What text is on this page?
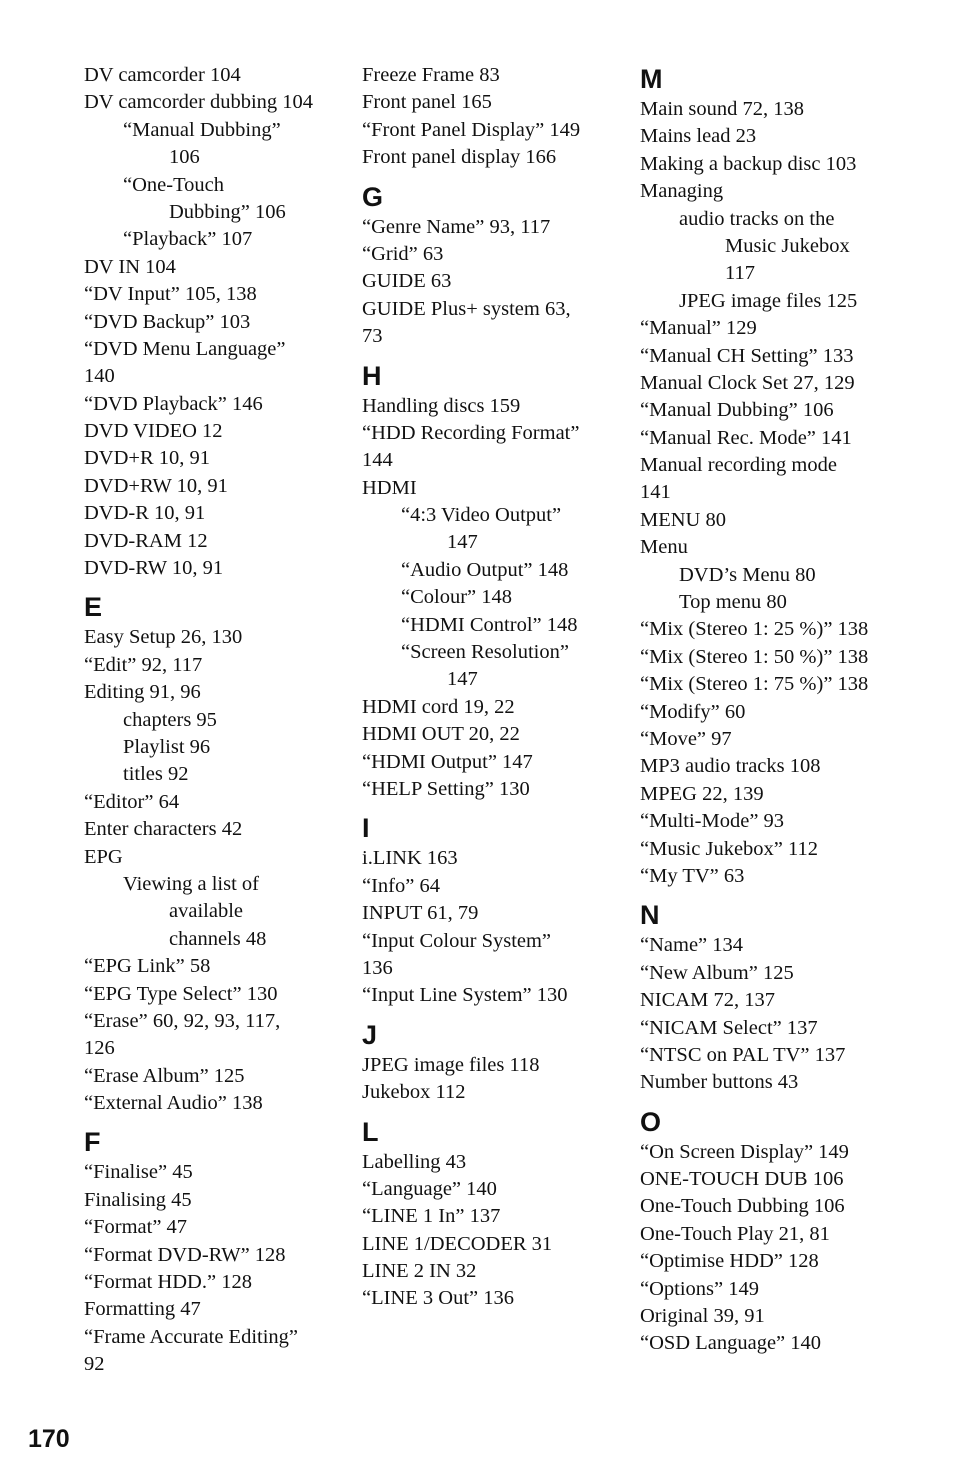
DV camcorder 104
DV camcorder dubbing 104
“Manual Dubbing”
106
“One-Touch
Dubbing” 106
“Playback” 107
DV IN 104
“DV Input” 105, 138
“DVD Backup” 103
“DVD Menu Language”
140
“DVD Playback” 146
DVD VIDEO 12
DVD+R 10, 91
DVD+RW 10, 91
DVD-R 10, 91
DVD-RAM 12
DVD-RW 10, 91
E
Easy Setup 26, 130
“Edit” 92, 117
Editing 91, 96
chapters 95
Playlist 96
titles 92
“Editor” 64
Enter characters 42
EPG
Viewing a list of
available
channels 48
“EPG Link” 58
“EPG Type Select” 130
“Erase” 60, 92, 93, 117,
126
“Erase Album” 125
“External Audio” 138
F
“Finalise” 45
Finalising 45
“Format” 47
“Format DVD-RW” 128
“Format HDD.” 128
Formatting 47
“Frame Accurate Editing”
92
Freeze Frame 83
Front panel 165
“Front Panel Display” 149
Front panel display 166
G
“Genre Name” 93, 117
“Grid” 63
GUIDE 63
GUIDE Plus+ system 63,
73
H
Handling discs 159
“HDD Recording Format”
144
HDMI
“4:3 Video Output”
147
“Audio Output” 148
“Colour” 148
“HDMI Control” 148
“Screen Resolution”
147
HDMI cord 19, 22
HDMI OUT 20, 22
“HDMI Output” 147
“HELP Setting” 130
I
i.LINK 163
“Info” 64
INPUT 61, 79
“Input Colour System”
136
“Input Line System” 130
J
JPEG image files 118
Jukebox 112
L
Labelling 43
“Language” 140
“LINE 1 In” 137
LINE 1/DECODER 31
LINE 2 IN 32
“LINE 3 Out” 136
M
Main sound 72, 138
Mains lead 23
Making a backup disc 103
Managing
audio tracks on the
Music Jukebox
117
JPEG image files 125
“Manual” 129
“Manual CH Setting” 133
Manual Clock Set 27, 129
“Manual Dubbing” 106
“Manual Rec. Mode” 141
Manual recording mode
141
MENU 80
Menu
DVD’s Menu 80
Top menu 80
“Mix (Stereo 1: 25 %)” 138
“Mix (Stereo 1: 50 %)” 138
“Mix (Stereo 1: 75 %)” 138
“Modify” 60
“Move” 97
MP3 audio tracks 108
MPEG 22, 139
“Multi-Mode” 93
“Music Jukebox” 112
“My TV” 63
N
“Name” 134
“New Album” 125
NICAM 72, 137
“NICAM Select” 137
“NTSC on PAL TV” 137
Number buttons 43
O
“On Screen Display” 149
ONE-TOUCH DUB 106
One-Touch Dubbing 106
One-Touch Play 21, 81
“Optimise HDD” 128
“Options” 149
Original 39, 91
“OSD Language” 140
170
